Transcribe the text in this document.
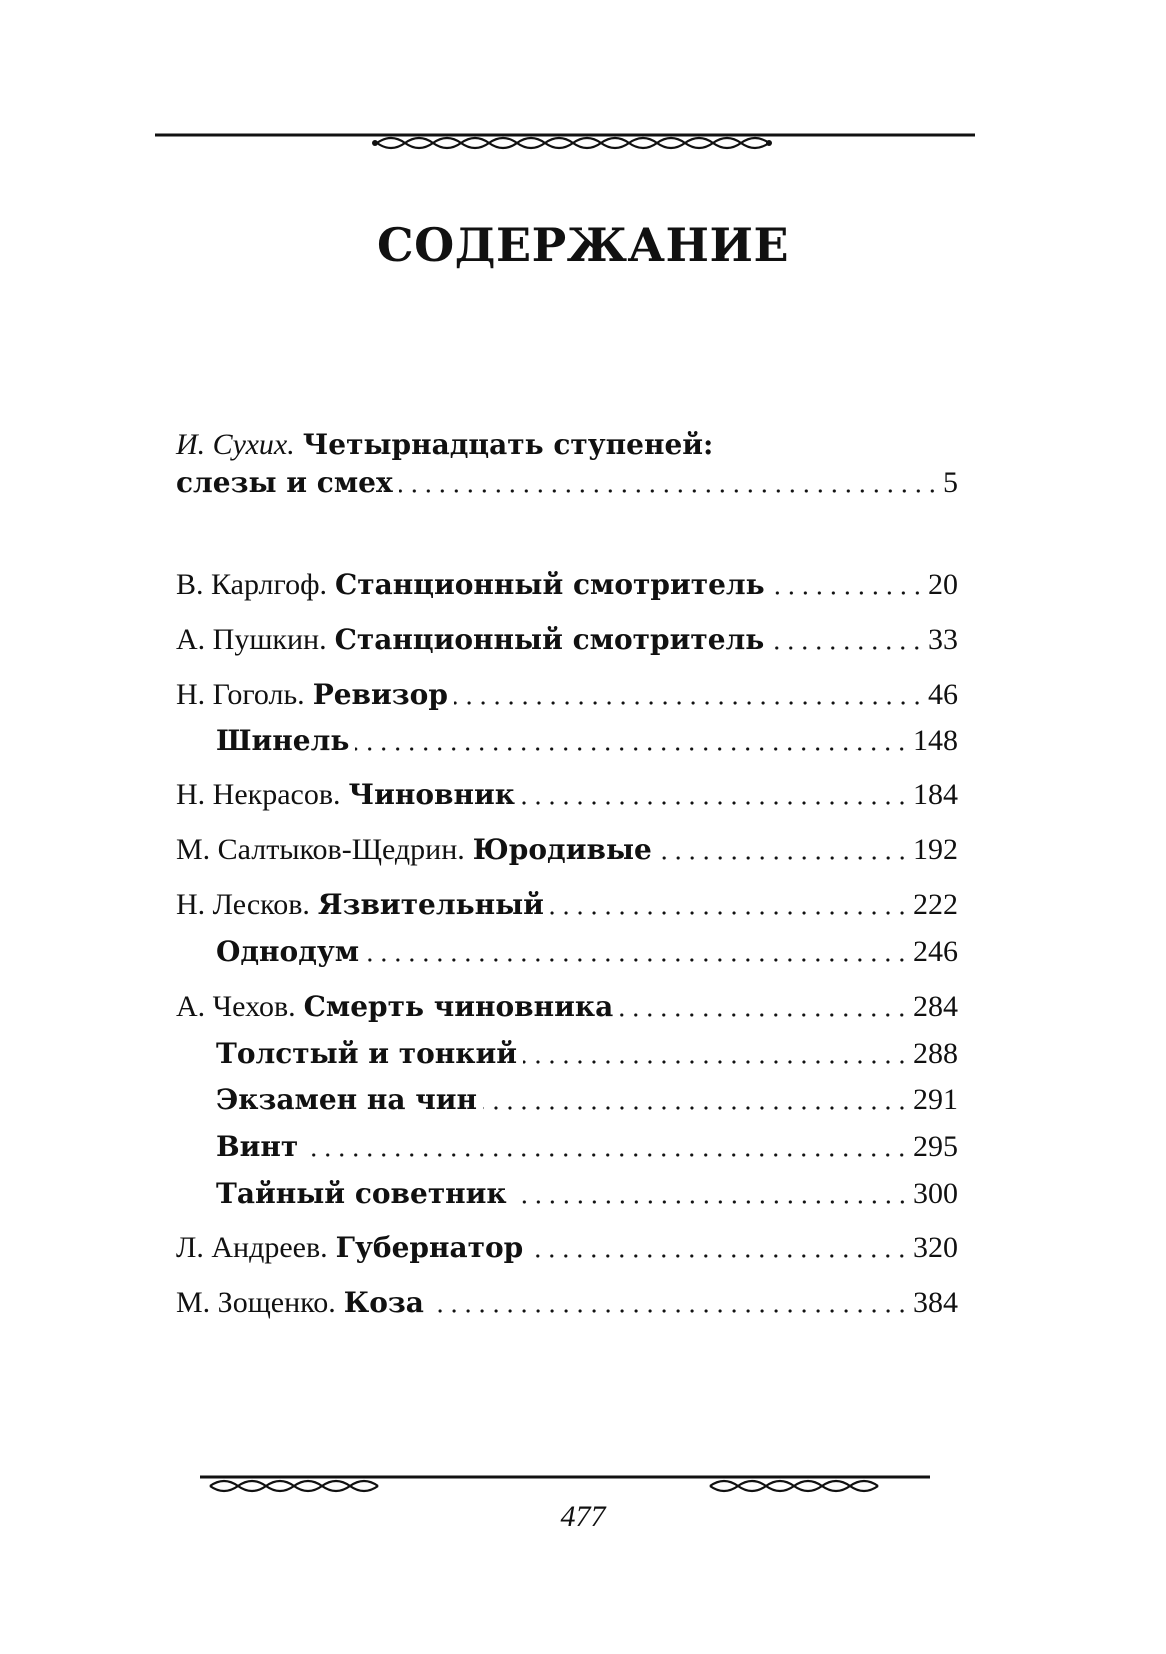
СОДЕРЖАНИЕ
И. Сухих. Четырнадцать ступеней:
слезы и смех	5
В. Карлгоф. Станционный смотритель	20
А. Пушкин. Станционный смотритель	33
Н. Гоголь. Ревизор	46
Шинель	148
Н. Некрасов. Чиновник	184
М. Салтыков-Щедрин. Юродивые	192
Н. Лесков. Язвительный	222
Однодум	246
А. Чехов. Смерть чиновника	284
Толстый и тонкий	288
Экзамен на чин	291
Винт	295
Тайный советник	300
Л. Андреев. Губернатор	320
М. Зощенко. Коза	384
477
